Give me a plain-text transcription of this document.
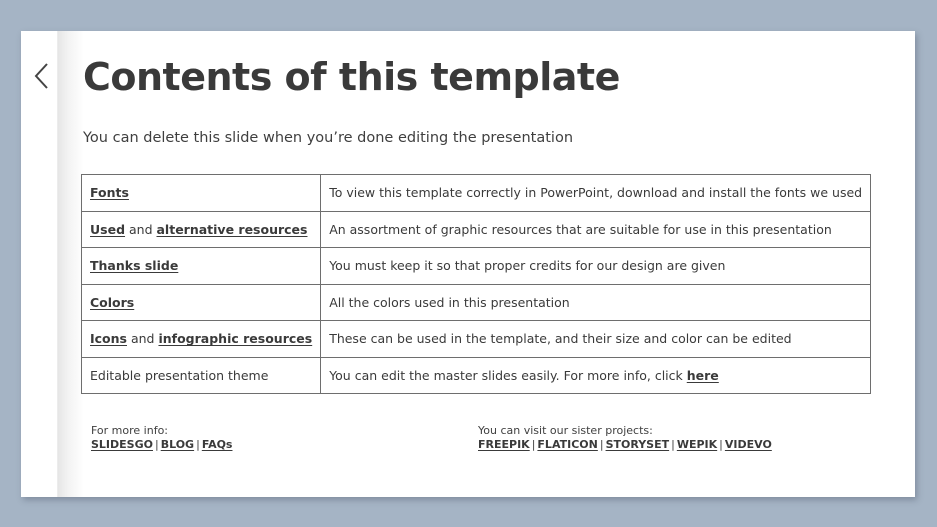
Contents of this template

You can delete this slide when you’re done editing the presentation

Fonts	To view this template correctly in PowerPoint, download and install the fonts we used
Used and alternative resources	An assortment of graphic resources that are suitable for use in this presentation
Thanks slide	You must keep it so that proper credits for our design are given
Colors	All the colors used in this presentation
Icons and infographic resources	These can be used in the template, and their size and color can be edited
Editable presentation theme	You can edit the master slides easily. For more info, click here
For more info:
SLIDESGO | BLOG | FAQs
You can visit our sister projects:
FREEPIK | FLATICON | STORYSET | WEPIK | VIDEVO
